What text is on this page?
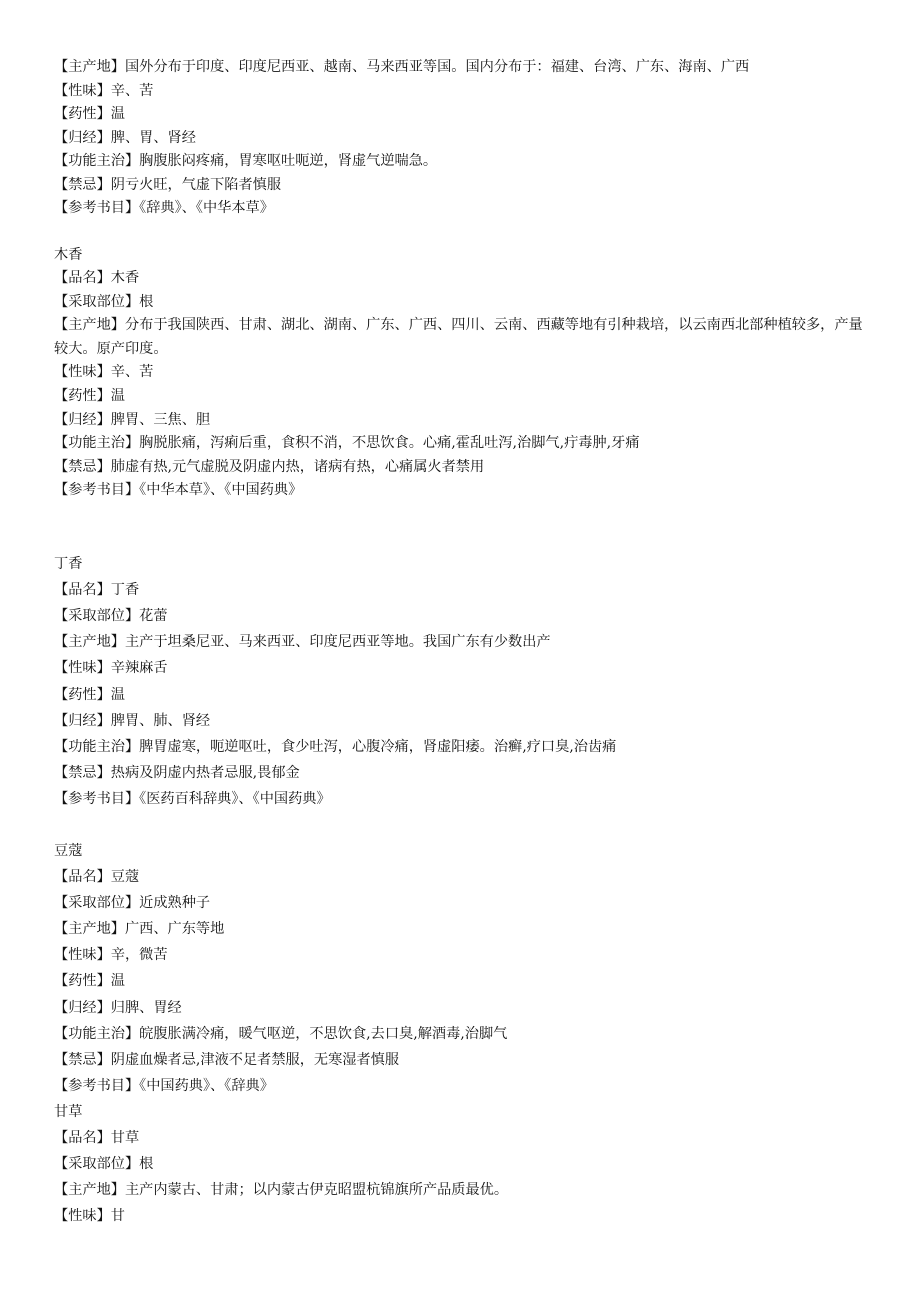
【主产地】国外分布于印度、印度尼西亚、越南、马来西亚等国。国内分布于：福建、台湾、广东、海南、广西
【性味】辛、苦
【药性】温
【归经】脾、胃、肾经
【功能主治】胸腹胀闷疼痛，胃寒呕吐呃逆，肾虚气逆喘急。
【禁忌】阴亏火旺，气虚下陷者慎服
【参考书目】《辞典》、《中华本草》
木香
【品名】木香
【采取部位】根
【主产地】分布于我国陕西、甘肃、湖北、湖南、广东、广西、四川、云南、西藏等地有引种栽培，以云南西北部种植较多，产量较大。原产印度。
【性味】辛、苦
【药性】温
【归经】脾胃、三焦、胆
【功能主治】胸脱胀痛，泻痢后重，食积不消，不思饮食。心痛,霍乱吐泻,治脚气,疔毒肿,牙痛
【禁忌】肺虚有热,元气虚脱及阴虚内热，诸病有热，心痛属火者禁用
【参考书目】《中华本草》、《中国药典》
丁香
【品名】丁香
【采取部位】花蕾
【主产地】主产于坦桑尼亚、马来西亚、印度尼西亚等地。我国广东有少数出产
【性味】辛辣麻舌
【药性】温
【归经】脾胃、肺、肾经
【功能主治】脾胃虚寒，呃逆呕吐，食少吐泻，心腹冷痛，肾虚阳痿。治癣,疗口臭,治齿痛
【禁忌】热病及阴虚内热者忌服,畏郁金
【参考书目】《医药百科辞典》、《中国药典》
豆蔻
【品名】豆蔻
【采取部位】近成熟种子
【主产地】广西、广东等地
【性味】辛，微苦
【药性】温
【归经】归脾、胃经
【功能主治】皖腹胀满冷痛，暖气呕逆，不思饮食,去口臭,解酒毒,治脚气
【禁忌】阴虚血燥者忌,津液不足者禁服，无寒湿者慎服
【参考书目】《中国药典》、《辞典》
甘草
【品名】甘草
【采取部位】根
【主产地】主产内蒙古、甘肃；以内蒙古伊克昭盟杭锦旗所产品质最优。
【性味】甘
